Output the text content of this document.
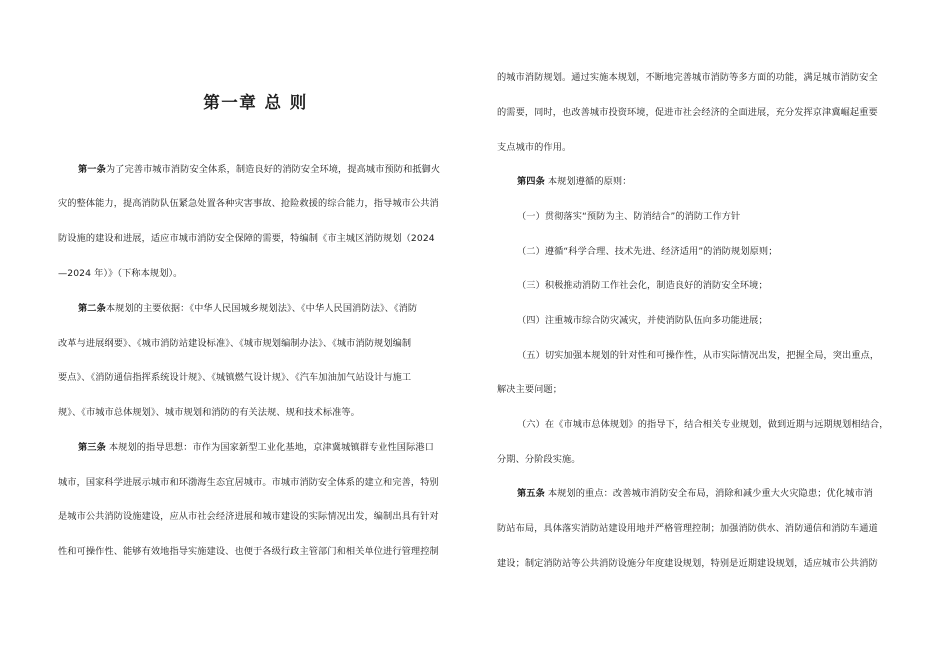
第一章 总 则
第一条为了完善市城市消防安全体系，制造良好的消防安全环境，提高城市预防和抵御火
灾的整体能力，提高消防队伍紧急处置各种灾害事故、抢险救援的综合能力，指导城市公共消
防设施的建设和进展，适应市城市消防安全保障的需要，特编制《市主城区消防规划（2024
—2024 年）》（下称本规划）。
第二条本规划的主要依据：《中华人民国城乡规划法》、《中华人民国消防法》、《消防
改革与进展纲要》、《城市消防站建设标准》、《城市规划编制办法》、《城市消防规划编制
要点》、《消防通信指挥系统设计规》、《城镇燃气设计规》、《汽车加油加气站设计与施工
规》、《市城市总体规划》、城市规划和消防的有关法规、规和技术标准等。
第三条 本规划的指导思想：市作为国家新型工业化基地，京津冀城镇群专业性国际港口
城市，国家科学进展示城市和环渤海生态宜居城市。市城市消防安全体系的建立和完善，特别
是城市公共消防设施建设，应从市社会经济进展和城市建设的实际情况出发，编制出具有针对
性和可操作性、能够有效地指导实施建设、也便于各级行政主管部门和相关单位进行管理控制
的城市消防规划。通过实施本规划，不断地完善城市消防等多方面的功能，满足城市消防安全
的需要，同时，也改善城市投资环境，促进市社会经济的全面进展，充分发挥京津冀崛起重要
支点城市的作用。
第四条 本规划遵循的原则：
（一）贯彻落实“预防为主、防消结合”的消防工作方针
（二）遵循“科学合理、技术先进、经济适用”的消防规划原则；
（三）积极推动消防工作社会化，制造良好的消防安全环境；
（四）注重城市综合防灾减灾，并使消防队伍向多功能进展；
（五）切实加强本规划的针对性和可操作性，从市实际情况出发，把握全局，突出重点，
解决主要问题；
（六）在《市城市总体规划》的指导下，结合相关专业规划，做到近期与远期规划相结合，
分期、分阶段实施。
第五条 本规划的重点：改善城市消防安全布局，消除和减少重大火灾隐患；优化城市消
防站布局，具体落实消防站建设用地并严格管理控制；加强消防供水、消防通信和消防车通道
建设；制定消防站等公共消防设施分年度建设规划，特别是近期建设规划，适应城市公共消防
